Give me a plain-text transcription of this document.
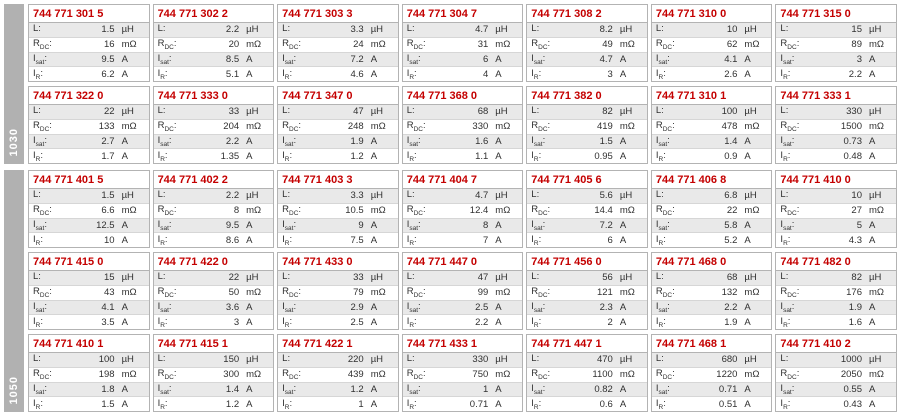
1030
744 771 301 5
L:	1.5 µH
$R_{DC}$:	16 mΩ
$I_{sat}$:	9.5 A
$I_R$:	6.2 A
744 771 302 2
L:	2.2 µH
$R_{DC}$:	20 mΩ
$I_{sat}$:	8.5 A
$I_R$:	5.1 A
744 771 303 3
L:	3.3 µH
$R_{DC}$:	24 mΩ
$I_{sat}$:	7.2 A
$I_R$:	4.6 A
744 771 304 7
L:	4.7 µH
$R_{DC}$:	31 mΩ
$I_{sat}$:	6 A
$I_R$:	4 A
744 771 308 2
L:	8.2 µH
$R_{DC}$:	49 mΩ
$I_{sat}$:	4.7 A
$I_R$:	3 A
744 771 310 0
L:	10 µH
$R_{DC}$:	62 mΩ
$I_{sat}$:	4.1 A
$I_R$:	2.6 A
744 771 315 0
L:	15 µH
$R_{DC}$:	89 mΩ
$I_{sat}$:	3 A
$I_R$:	2.2 A
744 771 322 0
L:	22 µH
$R_{DC}$:	133 mΩ
$I_{sat}$:	2.7 A
$I_R$:	1.7 A
744 771 333 0
L:	33 µH
$R_{DC}$:	204 mΩ
$I_{sat}$:	2.2 A
$I_R$:	1.35 A
744 771 347 0
L:	47 µH
$R_{DC}$:	248 mΩ
$I_{sat}$:	1.9 A
$I_R$:	1.2 A
744 771 368 0
L:	68 µH
$R_{DC}$:	330 mΩ
$I_{sat}$:	1.6 A
$I_R$:	1.1 A
744 771 382 0
L:	82 µH
$R_{DC}$:	419 mΩ
$I_{sat}$:	1.5 A
$I_R$:	0.95 A
744 771 310 1
L:	100 µH
$R_{DC}$:	478 mΩ
$I_{sat}$:	1.4 A
$I_R$:	0.9 A
744 771 333 1
L:	330 µH
$R_{DC}$:	1500 mΩ
$I_{sat}$:	0.73 A
$I_R$:	0.48 A
1050
744 771 401 5
L:	1.5 µH
$R_{DC}$:	6.6 mΩ
$I_{sat}$:	12.5 A
$I_R$:	10 A
744 771 402 2
L:	2.2 µH
$R_{DC}$:	8 mΩ
$I_{sat}$:	9.5 A
$I_R$:	8.6 A
744 771 403 3
L:	3.3 µH
$R_{DC}$:	10.5 mΩ
$I_{sat}$:	9 A
$I_R$:	7.5 A
744 771 404 7
L:	4.7 µH
$R_{DC}$:	12.4 mΩ
$I_{sat}$:	8 A
$I_R$:	7 A
744 771 405 6
L:	5.6 µH
$R_{DC}$:	14.4 mΩ
$I_{sat}$:	7.2 A
$I_R$:	6 A
744 771 406 8
L:	6.8 µH
$R_{DC}$:	22 mΩ
$I_{sat}$:	5.8 A
$I_R$:	5.2 A
744 771 410 0
L:	10 µH
$R_{DC}$:	27 mΩ
$I_{sat}$:	5 A
$I_R$:	4.3 A
744 771 415 0
L:	15 µH
$R_{DC}$:	43 mΩ
$I_{sat}$:	4.1 A
$I_R$:	3.5 A
744 771 422 0
L:	22 µH
$R_{DC}$:	50 mΩ
$I_{sat}$:	3.6 A
$I_R$:	3 A
744 771 433 0
L:	33 µH
$R_{DC}$:	79 mΩ
$I_{sat}$:	2.9 A
$I_R$:	2.5 A
744 771 447 0
L:	47 µH
$R_{DC}$:	99 mΩ
$I_{sat}$:	2.5 A
$I_R$:	2.2 A
744 771 456 0
L:	56 µH
$R_{DC}$:	121 mΩ
$I_{sat}$:	2.3 A
$I_R$:	2 A
744 771 468 0
L:	68 µH
$R_{DC}$:	132 mΩ
$I_{sat}$:	2.2 A
$I_R$:	1.9 A
744 771 482 0
L:	82 µH
$R_{DC}$:	176 mΩ
$I_{sat}$:	1.9 A
$I_R$:	1.6 A
744 771 410 1
L:	100 µH
$R_{DC}$:	198 mΩ
$I_{sat}$:	1.8 A
$I_R$:	1.5 A
744 771 415 1
L:	150 µH
$R_{DC}$:	300 mΩ
$I_{sat}$:	1.4 A
$I_R$:	1.2 A
744 771 422 1
L:	220 µH
$R_{DC}$:	439 mΩ
$I_{sat}$:	1.2 A
$I_R$:	1 A
744 771 433 1
L:	330 µH
$R_{DC}$:	750 mΩ
$I_{sat}$:	1 A
$I_R$:	0.71 A
744 771 447 1
L:	470 µH
$R_{DC}$:	1100 mΩ
$I_{sat}$:	0.82 A
$I_R$:	0.6 A
744 771 468 1
L:	680 µH
$R_{DC}$:	1220 mΩ
$I_{sat}$:	0.71 A
$I_R$:	0.51 A
744 771 410 2
L:	1000 µH
$R_{DC}$:	2050 mΩ
$I_{sat}$:	0.55 A
$I_R$:	0.43 A
